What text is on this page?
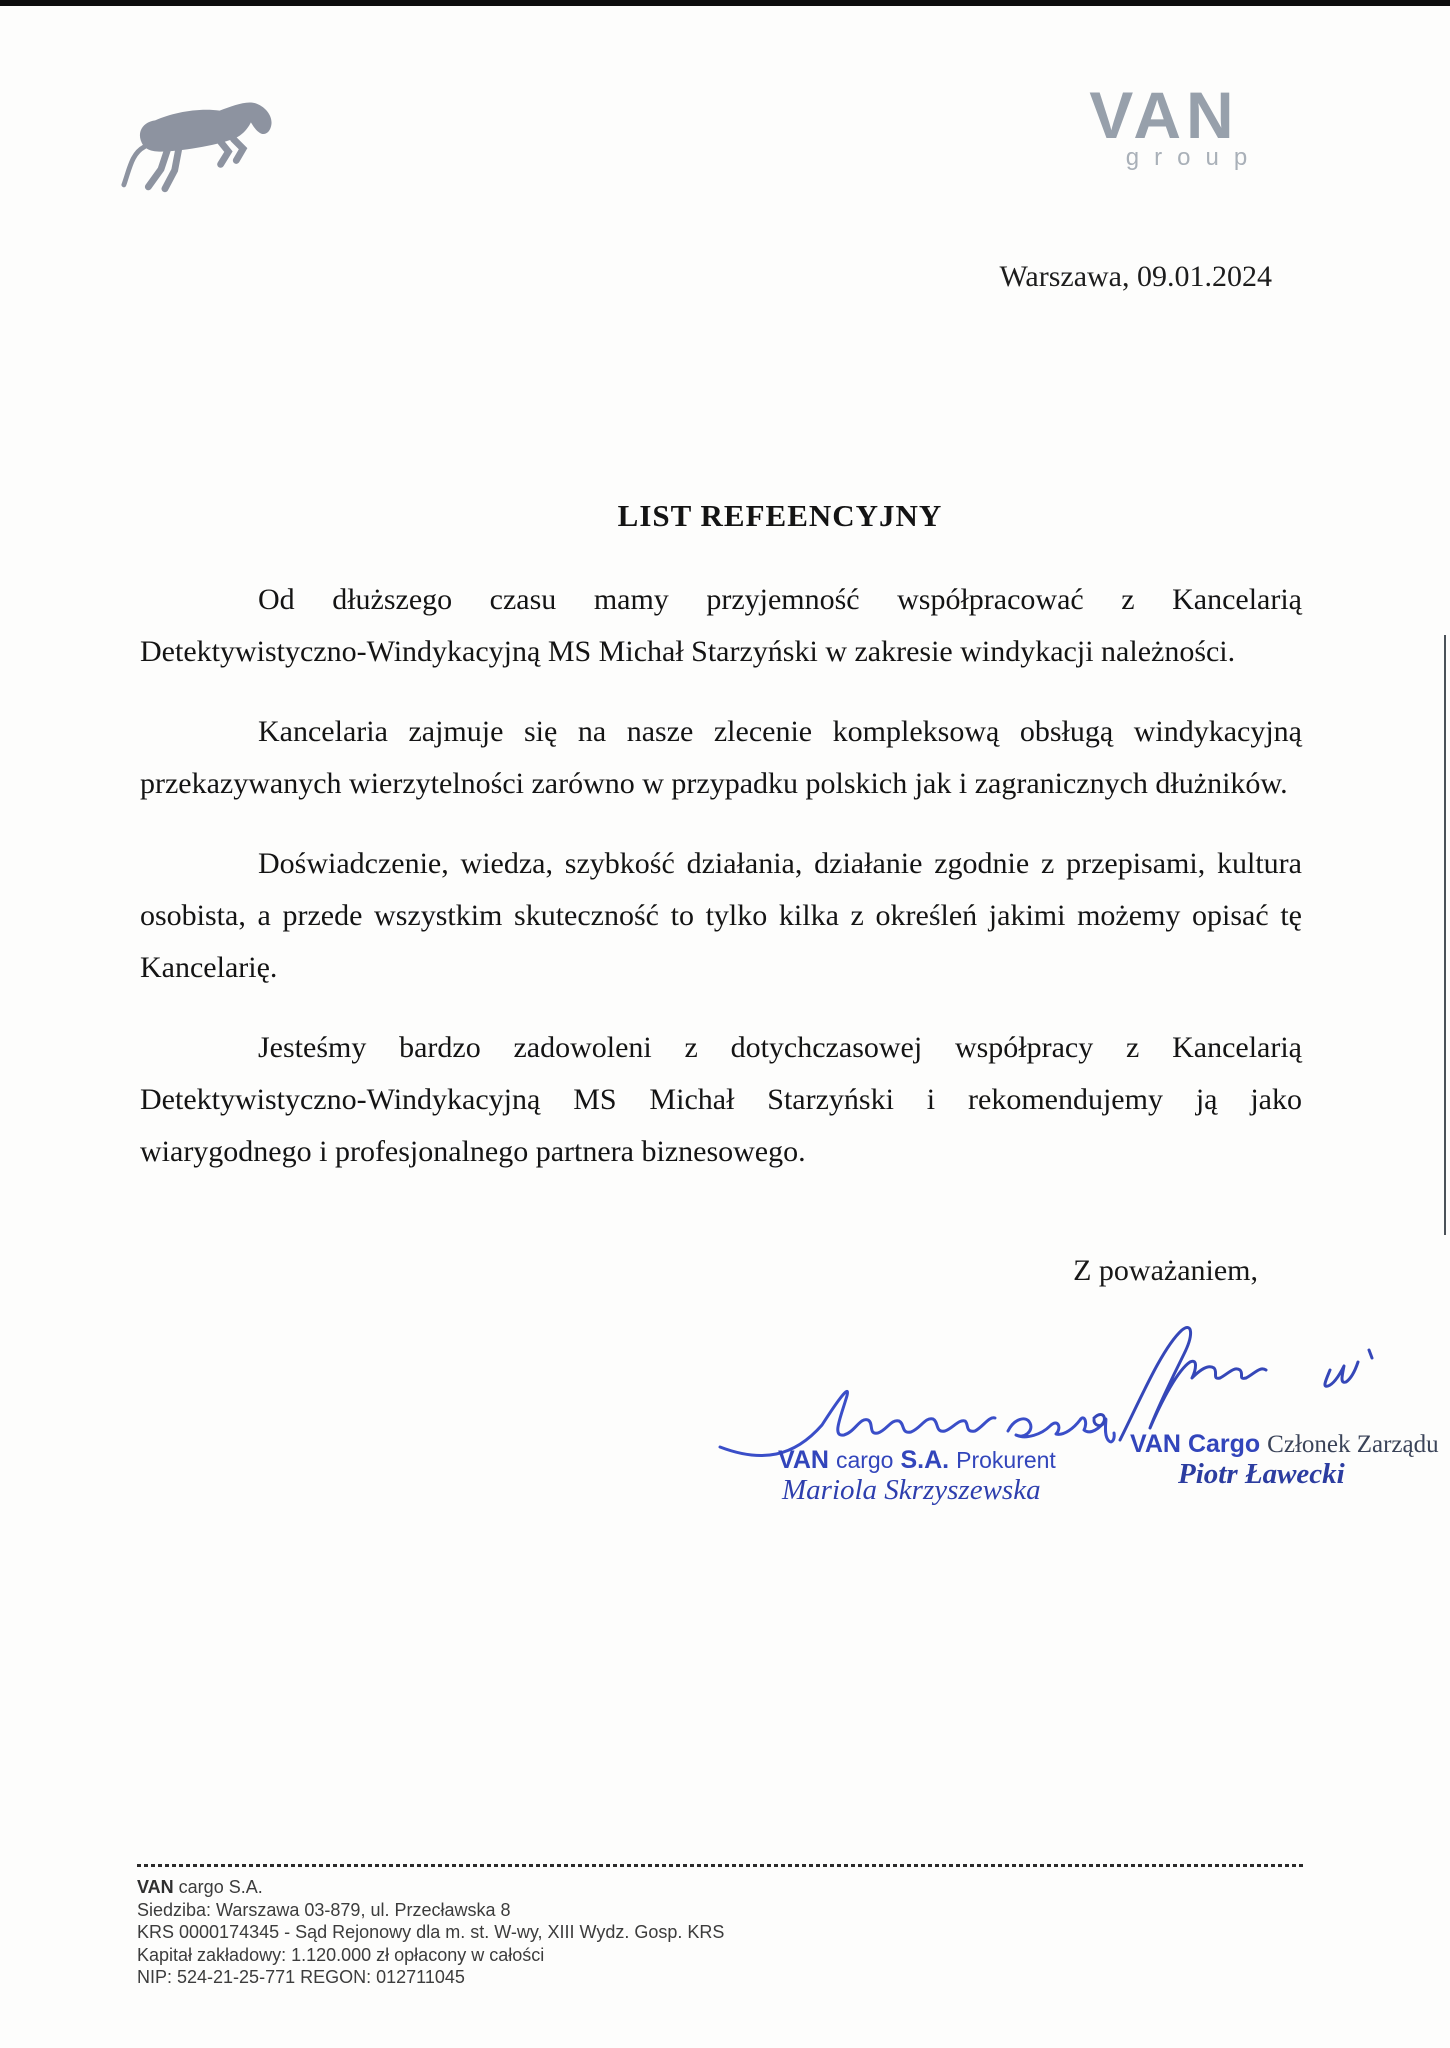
VAN
group
Warszawa, 09.01.2024
LIST REFEENCYJNY

Od dłuższego czasu mamy przyjemność współpracować z Kancelarią Detektywistyczno-Windykacyjną MS Michał Starzyński w zakresie windykacji należności.

Kancelaria zajmuje się na nasze zlecenie kompleksową obsługą windykacyjną przekazywanych wierzytelności zarówno w przypadku polskich jak i zagranicznych dłużników.

Doświadczenie, wiedza, szybkość działania, działanie zgodnie z przepisami, kultura osobista, a przede wszystkim skuteczność to tylko kilka z określeń jakimi możemy opisać tę Kancelarię.

Jesteśmy bardzo zadowoleni z dotychczasowej współpracy z Kancelarią Detektywistyczno-Windykacyjną MS Michał Starzyński i rekomendujemy ją jako wiarygodnego i profesjonalnego partnera biznesowego.

Z poważaniem,
VAN cargo S.A. Prokurent
Mariola Skrzyszewska
VAN Cargo Członek Zarządu
Piotr Ławecki
VAN cargo S.A.
Siedziba: Warszawa 03-879, ul. Przecławska 8
KRS 0000174345 - Sąd Rejonowy dla m. st. W-wy, XIII Wydz. Gosp. KRS
Kapitał zakładowy: 1.120.000 zł opłacony w całości
NIP: 524-21-25-771 REGON: 012711045
